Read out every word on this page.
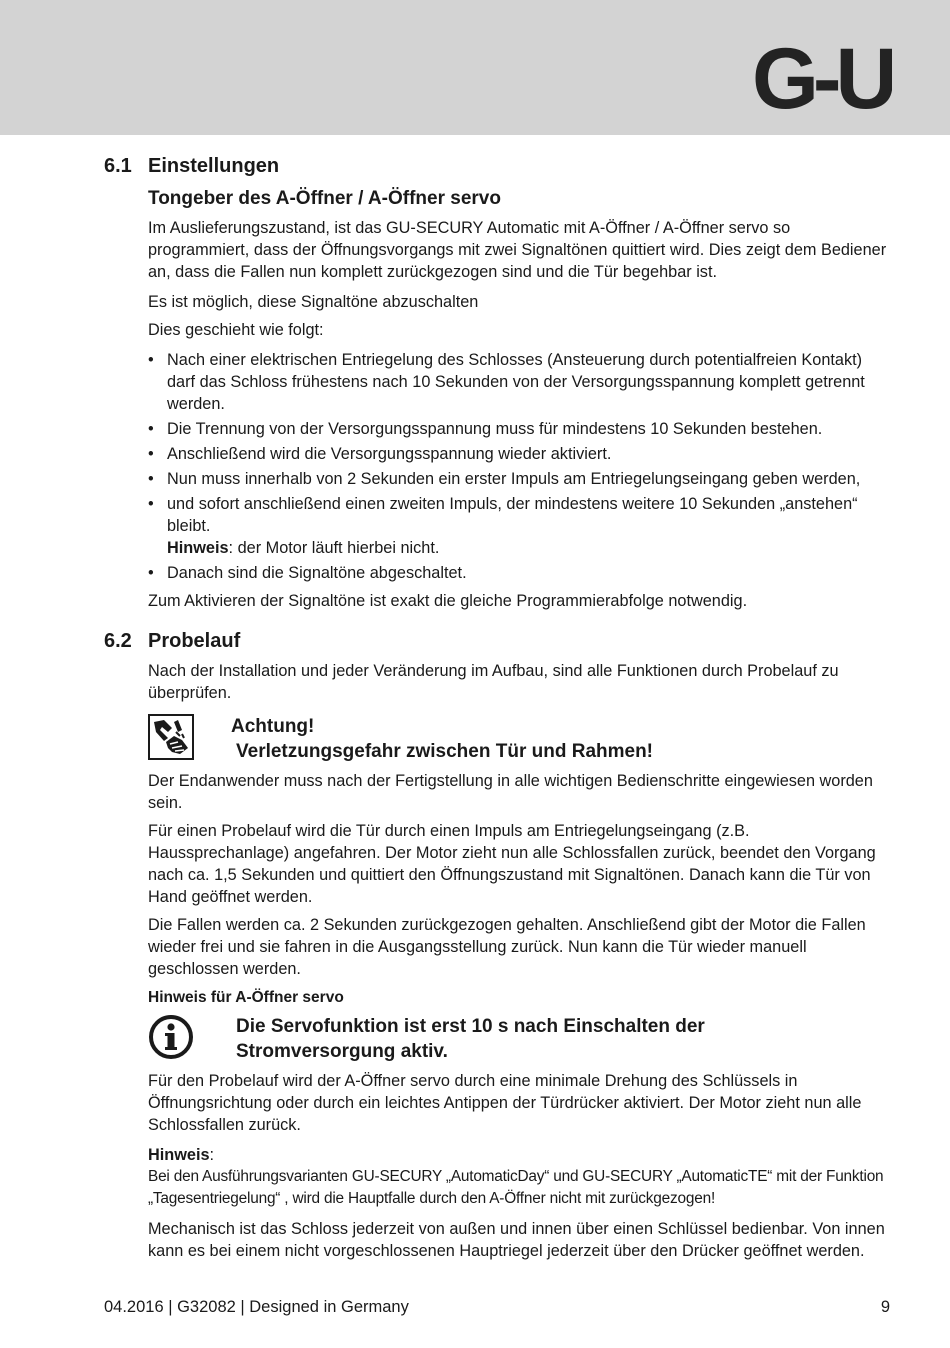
G-U
6.1 Einstellungen
Tongeber des A-Öffner / A-Öffner servo

Im Auslieferungszustand, ist das GU-SECURY Automatic mit A-Öffner / A-Öffner servo so programmiert, dass der Öffnungsvorgangs mit zwei Signaltönen quittiert wird. Dies zeigt dem Bediener an, dass die Fallen nun komplett zurückgezogen sind und die Tür begehbar ist.

Es ist möglich, diese Signaltöne abzuschalten

Dies geschieht wie folgt:

• Nach einer elektrischen Entriegelung des Schlosses (Ansteuerung durch potentialfreien Kontakt) darf das Schloss frühestens nach 10 Sekunden von der Versorgungsspannung komplett getrennt werden.
• Die Trennung von der Versorgungsspannung muss für mindestens 10 Sekunden bestehen.
• Anschließend wird die Versorgungsspannung wieder aktiviert.
• Nun muss innerhalb von 2 Sekunden ein erster Impuls am Entriegelungseingang geben werden,
• und sofort anschließend einen zweiten Impuls, der mindestens weitere 10 Sekunden „anstehen“ bleibt.
Hinweis: der Motor läuft hierbei nicht.
• Danach sind die Signaltöne abgeschaltet.

Zum Aktivieren der Signaltöne ist exakt die gleiche Programmierabfolge notwendig.

6.2 Probelauf

Nach der Installation und jeder Veränderung im Aufbau, sind alle Funktionen durch Probelauf zu überprüfen.

Achtung!
Verletzungsgefahr zwischen Tür und Rahmen!

Der Endanwender muss nach der Fertigstellung in alle wichtigen Bedienschritte eingewiesen worden sein.

Für einen Probelauf wird die Tür durch einen Impuls am Entriegelungseingang (z.B. Haussprechanlage) angefahren. Der Motor zieht nun alle Schlossfallen zurück, beendet den Vorgang nach ca. 1,5 Sekunden und quittiert den Öffnungszustand mit Signaltönen. Danach kann die Tür von Hand geöffnet werden.

Die Fallen werden ca. 2 Sekunden zurückgezogen gehalten. Anschließend gibt der Motor die Fallen wieder frei und sie fahren in die Ausgangsstellung zurück. Nun kann die Tür wieder manuell geschlossen werden.

Hinweis für A-Öffner servo
Die Servofunktion ist erst 10 s nach Einschalten der
Stromversorgung aktiv.

Für den Probelauf wird der A-Öffner servo durch eine minimale Drehung des Schlüssels in Öffnungsrichtung oder durch ein leichtes Antippen der Türdrücker aktiviert. Der Motor zieht nun alle Schlossfallen zurück.

Hinweis:

Bei den Ausführungsvarianten GU-SECURY „AutomaticDay“ und GU-SECURY „AutomaticTE“ mit der Funktion „Tagesentriegelung“ , wird die Hauptfalle durch den A-Öffner nicht mit zurückgezogen!

Mechanisch ist das Schloss jederzeit von außen und innen über einen Schlüssel bedienbar. Von innen kann es bei einem nicht vorgeschlossenen Hauptriegel jederzeit über den Drücker geöffnet werden.

04.2016 | G32082 | Designed in Germany	9
